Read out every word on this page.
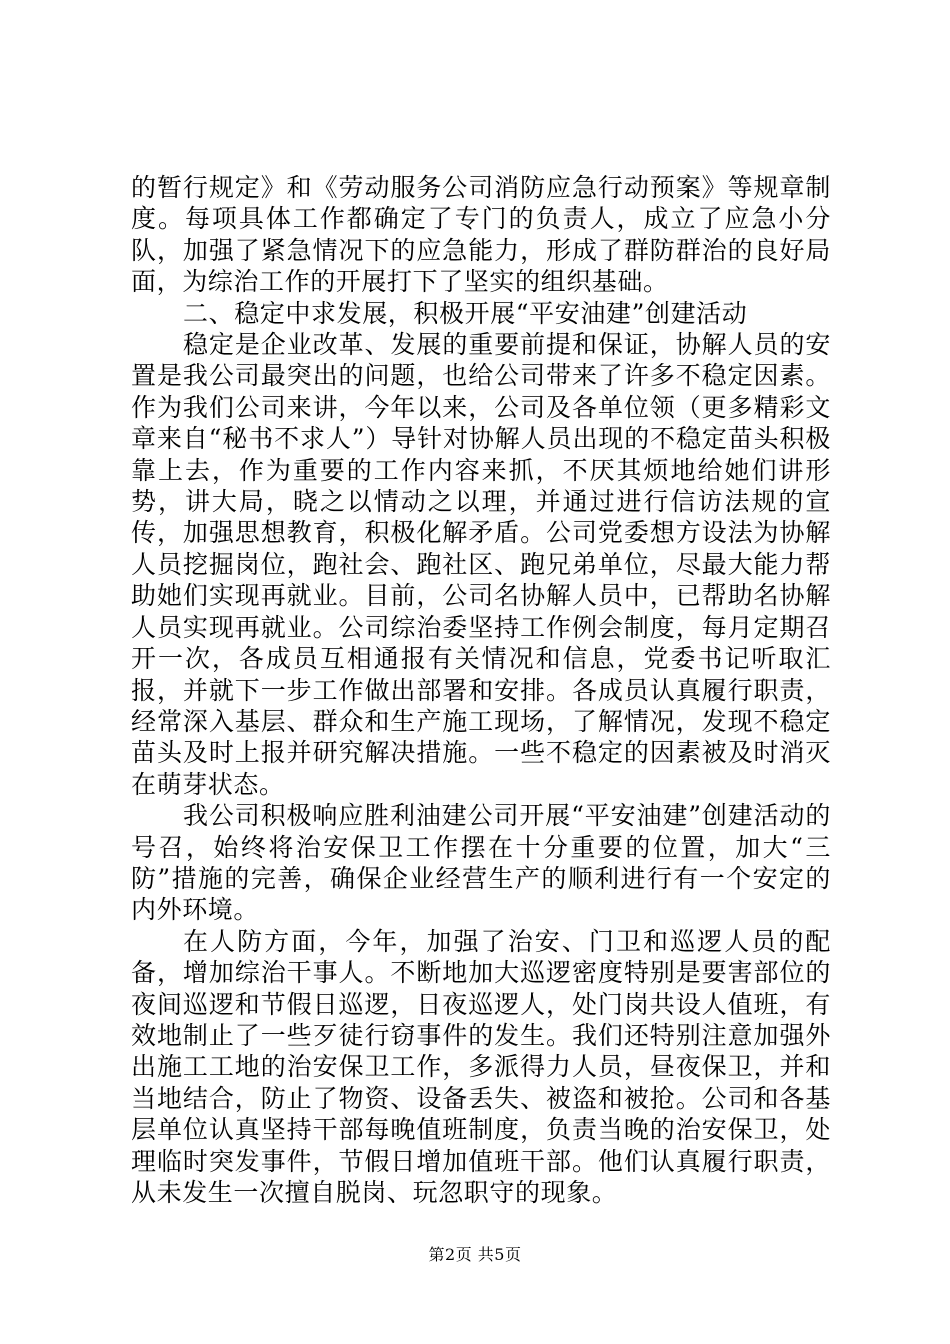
的暂行规定》和《劳动服务公司消防应急行动预案》等规章制度。每项具体工作都确定了专门的负责人，成立了应急小分队，加强了紧急情况下的应急能力，形成了群防群治的良好局面，为综治工作的开展打下了坚实的组织基础。

二、稳定中求发展，积极开展“平安油建”创建活动

稳定是企业改革、发展的重要前提和保证，协解人员的安置是我公司最突出的问题，也给公司带来了许多不稳定因素。作为我们公司来讲，今年以来，公司及各单位领（更多精彩文章来自“秘书不求人”）导针对协解人员出现的不稳定苗头积极靠上去，作为重要的工作内容来抓，不厌其烦地给她们讲形势，讲大局，晓之以情动之以理，并通过进行信访法规的宣传，加强思想教育，积极化解矛盾。公司党委想方设法为协解人员挖掘岗位，跑社会、跑社区、跑兄弟单位，尽最大能力帮助她们实现再就业。目前，公司名协解人员中，已帮助名协解人员实现再就业。公司综治委坚持工作例会制度，每月定期召开一次，各成员互相通报有关情况和信息，党委书记听取汇报，并就下一步工作做出部署和安排。各成员认真履行职责，经常深入基层、群众和生产施工现场，了解情况，发现不稳定苗头及时上报并研究解决措施。一些不稳定的因素被及时消灭在萌芽状态。

我公司积极响应胜利油建公司开展“平安油建”创建活动的号召，始终将治安保卫工作摆在十分重要的位置，加大“三防”措施的完善，确保企业经营生产的顺利进行有一个安定的内外环境。

在人防方面，今年，加强了治安、门卫和巡逻人员的配备，增加综治干事人。不断地加大巡逻密度特别是要害部位的夜间巡逻和节假日巡逻，日夜巡逻人，处门岗共设人值班，有效地制止了一些歹徒行窃事件的发生。我们还特别注意加强外出施工工地的治安保卫工作，多派得力人员，昼夜保卫，并和当地结合，防止了物资、设备丢失、被盗和被抢。公司和各基层单位认真坚持干部每晚值班制度，负责当晚的治安保卫，处理临时突发事件，节假日增加值班干部。他们认真履行职责，从未发生一次擅自脱岗、玩忽职守的现象。

第2页 共5页
